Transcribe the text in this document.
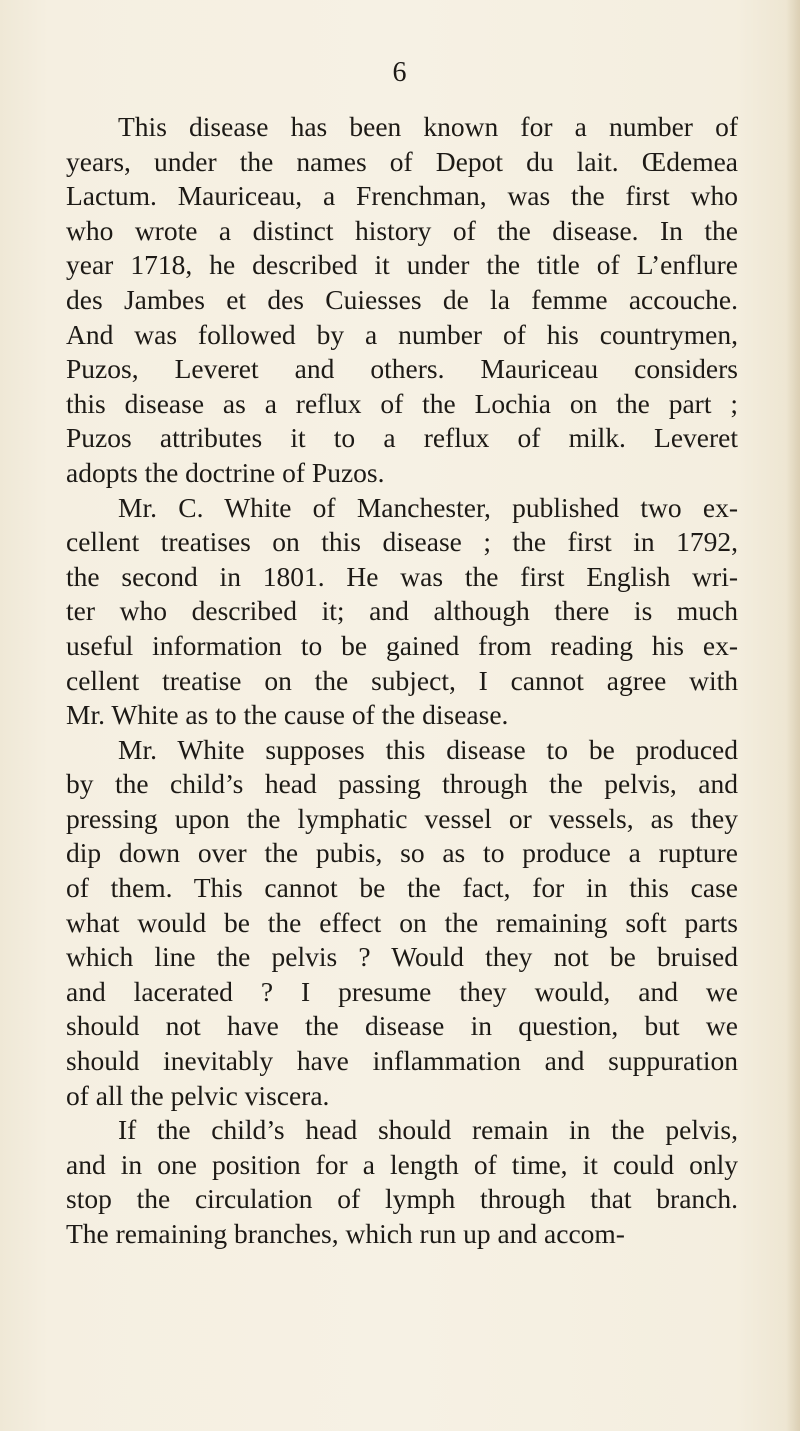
6
This disease has been known for a number of
years, under the names of Depot du lait. Œdemea
Lactum. Mauriceau, a Frenchman, was the first who
who wrote a distinct history of the disease. In the
year 1718, he described it under the title of L’enflure
des Jambes et des Cuiesses de la femme accouche.
And was followed by a number of his countrymen,
Puzos, Leveret and others. Mauriceau considers
this disease as a reflux of the Lochia on the part ;
Puzos attributes it to a reflux of milk. Leveret
adopts the doctrine of Puzos.
Mr. C. White of Manchester, published two ex-
cellent treatises on this disease ; the first in 1792,
the second in 1801. He was the first English wri-
ter who described it; and although there is much
useful information to be gained from reading his ex-
cellent treatise on the subject, I cannot agree with
Mr. White as to the cause of the disease.
Mr. White supposes this disease to be produced
by the child’s head passing through the pelvis, and
pressing upon the lymphatic vessel or vessels, as they
dip down over the pubis, so as to produce a rupture
of them. This cannot be the fact, for in this case
what would be the effect on the remaining soft parts
which line the pelvis ? Would they not be bruised
and lacerated ? I presume they would, and we
should not have the disease in question, but we
should inevitably have inflammation and suppuration
of all the pelvic viscera.
If the child’s head should remain in the pelvis,
and in one position for a length of time, it could only
stop the circulation of lymph through that branch.
The remaining branches, which run up and accom-
